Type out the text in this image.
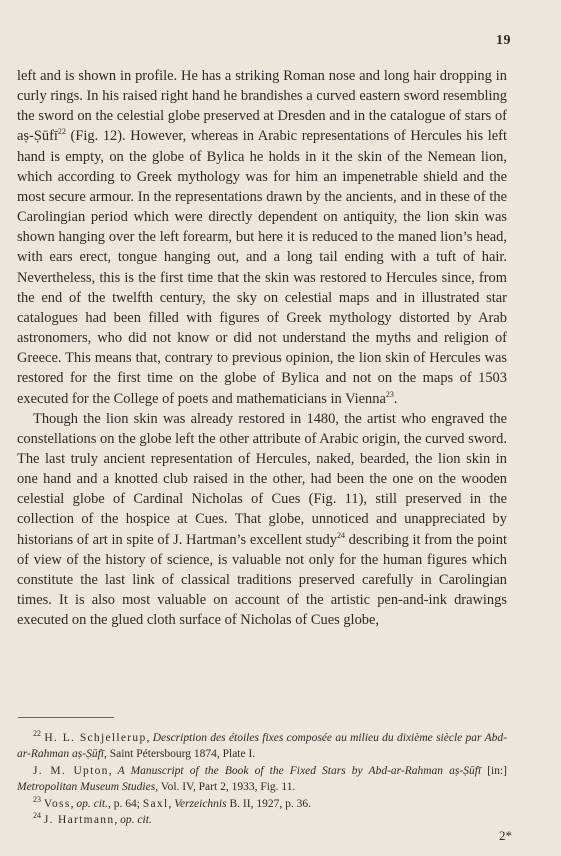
19

left and is shown in profile. He has a striking Roman nose and long hair dropping in curly rings. In his raised right hand he brandishes a curved eastern sword resembling the sword on the celestial globe preserved at Dresden and in the catalogue of stars of aṣ-Ṣūfī$^{22}$ (Fig. 12). However, whereas in Arabic representations of Hercules his left hand is empty, on the globe of Bylica he holds in it the skin of the Nemean lion, which according to Greek mythology was for him an impenetrable shield and the most secure armour. In the representations drawn by the ancients, and in these of the Carolingian period which were directly dependent on antiquity, the lion skin was shown hanging over the left forearm, but here it is reduced to the maned lion’s head, with ears erect, tongue hanging out, and a long tail ending with a tuft of hair. Nevertheless, this is the first time that the skin was restored to Hercules since, from the end of the twelfth century, the sky on celestial maps and in illustrated star catalogues had been filled with figures of Greek mythology distorted by Arab astronomers, who did not know or did not understand the myths and religion of Greece. This means that, contrary to previous opinion, the lion skin of Hercules was restored for the first time on the globe of Bylica and not on the maps of 1503 executed for the College of poets and mathematicians in Vienna$^{23}$.

Though the lion skin was already restored in 1480, the artist who engraved the constellations on the globe left the other attribute of Arabic origin, the curved sword. The last truly ancient representation of Hercules, naked, bearded, the lion skin in one hand and a knotted club raised in the other, had been the one on the wooden celestial globe of Cardinal Nicholas of Cues (Fig. 11), still preserved in the collection of the hospice at Cues. That globe, unnoticed and unappreciated by historians of art in spite of J. Hartman’s excellent study$^{24}$ describing it from the point of view of the history of science, is valuable not only for the human figures which constitute the last link of classical traditions preserved carefully in Carolingian times. It is also most valuable on account of the artistic pen-and-ink drawings executed on the glued cloth surface of Nicholas of Cues globe,

$^{22}$ H. L. Schjellerup, Description des étoiles fixes composée au milieu du dixième siècle par Abd-ar-Rahman aṣ-Ṣūfī, Saint Pétersbourg 1874, Plate I.

J. M. Upton, A Manuscript of the Book of the Fixed Stars by Abd-ar-Rahman aṣ-Ṣūfī [in:] Metropolitan Museum Studies, Vol. IV, Part 2, 1933, Fig. 11.

$^{23}$ Voss, op. cit., p. 64; Saxl, Verzeichnis B. II, 1927, p. 36.

$^{24}$ J. Hartmann, op. cit.

2*
